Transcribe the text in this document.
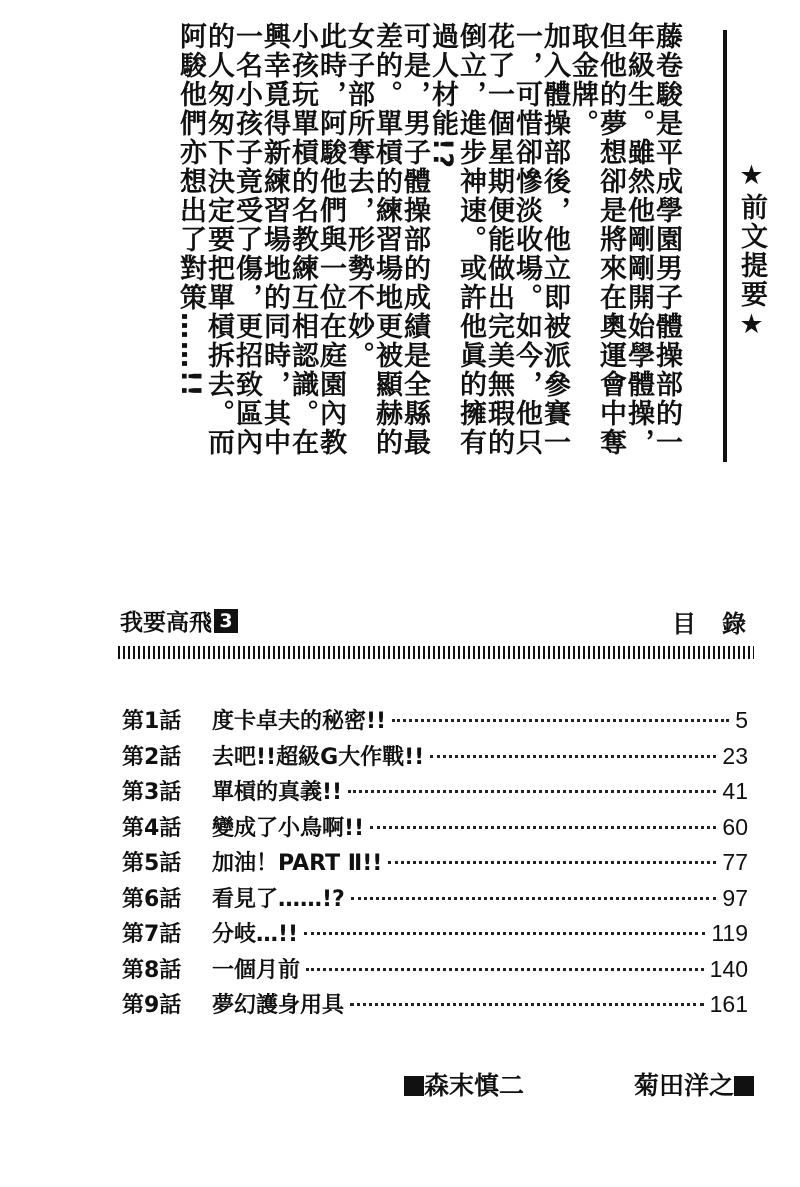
★前文提要★

藤卷駿是平成學園男子體操部的一年級生。雖然他剛剛開始學體操，但他的夢想卻是將來在奧運會中奪取金牌。

加入體操部後，他立即被派參賽一一，可惜卻慘淡收場。如今，他只花了一個星期便能做出完美無瑕的倒立，進步神速。或許他眞的擁有過人材能!?

可是，男子體操部的成績是全縣最差的。單槓的練習場地更被顯赫的女子部所奪去，形勢不妙。

此時，阿駿他們與一位在庭園內教小孩玩單槓的名教練互相認識。在興幸覓得新練習場地的同時，其中一名小孩子竟受了傷，更招致區內的人匆匆下決定要把單槓拆去。而阿駿他們亦想出了對策……!!

我要高飛 3	目錄
第1話	度卡卓夫的秘密!!	5
第2話	去吧!!超級G大作戰!!	23
第3話	單槓的真義!!	41
第4話	變成了小鳥啊!!	60
第5話	加油！PART Ⅱ!!	77
第6話	看見了……!?	97
第7話	分岐…!!	119
第8話	一個月前	140
第9話	夢幻護身用具	161
森末慎二	菊田洋之
